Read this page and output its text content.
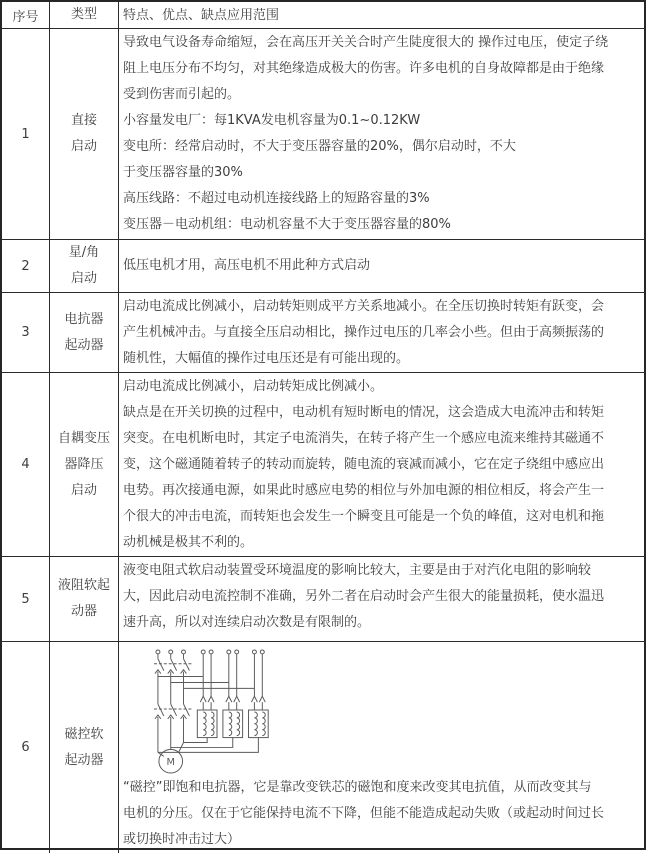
序号 类型 特点、优点、缺点应用范围
1
直接
启动
导致电气设备寿命缩短，会在高压开关关合时产生陡度很大的 操作过电压，使定子绕
阻上电压分布不均匀，对其绝缘造成极大的伤害。许多电机的自身故障都是由于绝缘
受到伤害而引起的。
小容量发电厂：每1KVA发电机容量为0.1~0.12KW
变电所：经常启动时，不大于变压器容量的20%，偶尔启动时，不大
于变压器容量的30%
高压线路：不超过电动机连接线路上的短路容量的3%
变压器－电动机组：电动机容量不大于变压器容量的80%
2
星/角
启动
低压电机才用，高压电机不用此种方式启动
3
电抗器
起动器
启动电流成比例减小，启动转矩则成平方关系地减小。在全压切换时转矩有跃变，会
产生机械冲击。与直接全压启动相比，操作过电压的几率会小些。但由于高频振荡的
随机性，大幅值的操作过电压还是有可能出现的。
4
自耦变压
器降压
启动
启动电流成比例减小，启动转矩成比例减小。
缺点是在开关切换的过程中，电动机有短时断电的情况，这会造成大电流冲击和转矩
突变。在电机断电时，其定子电流消失，在转子将产生一个感应电流来维持其磁通不
变，这个磁通随着转子的转动而旋转，随电流的衰减而减小，它在定子绕组中感应出
电势。再次接通电源，如果此时感应电势的相位与外加电源的相位相反，将会产生一
个很大的冲击电流，而转矩也会发生一个瞬变且可能是一个负的峰值，这对电机和拖
动机械是极其不利的。
5
液阻软起
动器
液变电阻式软启动装置受环境温度的影响比较大，主要是由于对汽化电阻的影响较
大，因此启动电流控制不准确，另外二者在启动时会产生很大的能量损耗，使水温迅
速升高，所以对连续启动次数是有限制的。
6
磁控软
起动器	M
“磁控”即饱和电抗器，它是靠改变铁芯的磁饱和度来改变其电抗值，从而改变其与
电机的分压。仅在于它能保持电流不下降，但能不能造成起动失败（或起动时间过长
或切换时冲击过大）
